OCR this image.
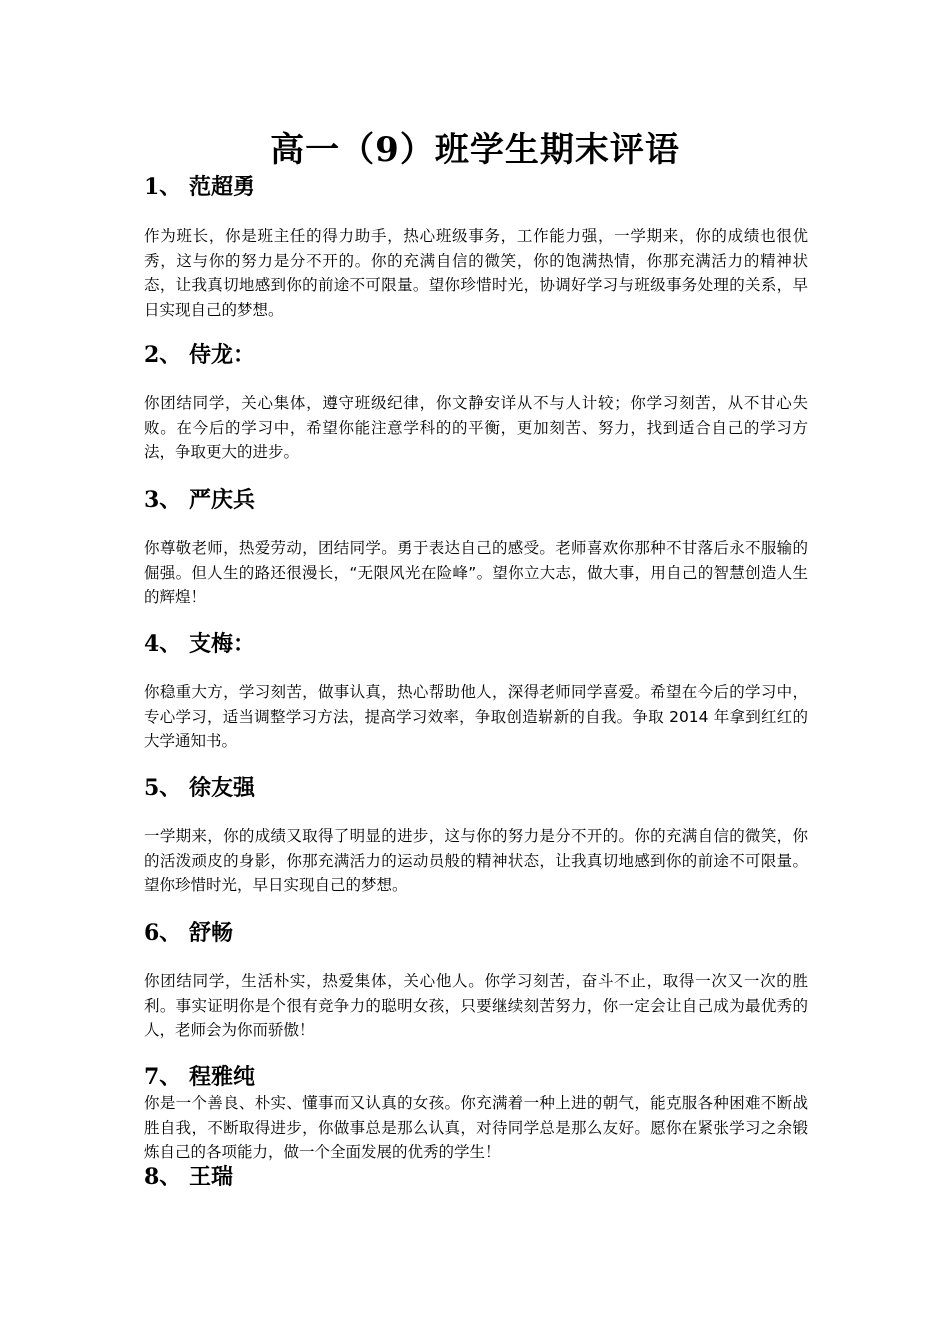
高一（9）班学生期末评语
1、 范超勇
作为班长，你是班主任的得力助手，热心班级事务，工作能力强，一学期来，你的成绩也很优秀，这与你的努力是分不开的。你的充满自信的微笑，你的饱满热情，你那充满活力的精神状态，让我真切地感到你的前途不可限量。望你珍惜时光，协调好学习与班级事务处理的关系，早日实现自己的梦想。
2、 侍龙：
你团结同学，关心集体，遵守班级纪律，你文静安详从不与人计较；你学习刻苦，从不甘心失败。在今后的学习中，希望你能注意学科的的平衡，更加刻苦、努力，找到适合自己的学习方法，争取更大的进步。
3、 严庆兵
你尊敬老师，热爱劳动，团结同学。勇于表达自己的感受。老师喜欢你那种不甘落后永不服输的倔强。但人生的路还很漫长，“无限风光在险峰”。望你立大志，做大事，用自己的智慧创造人生的辉煌！
4、 支梅：
你稳重大方，学习刻苦，做事认真，热心帮助他人，深得老师同学喜爱。希望在今后的学习中，专心学习，适当调整学习方法，提高学习效率，争取创造崭新的自我。争取 2014 年拿到红红的大学通知书。
5、 徐友强
一学期来，你的成绩又取得了明显的进步，这与你的努力是分不开的。你的充满自信的微笑，你的活泼顽皮的身影，你那充满活力的运动员般的精神状态，让我真切地感到你的前途不可限量。望你珍惜时光，早日实现自己的梦想。
6、 舒畅
你团结同学，生活朴实，热爱集体，关心他人。你学习刻苦，奋斗不止，取得一次又一次的胜利。事实证明你是个很有竞争力的聪明女孩，只要继续刻苦努力，你一定会让自己成为最优秀的人，老师会为你而骄傲！
7、 程雅纯
你是一个善良、朴实、懂事而又认真的女孩。你充满着一种上进的朝气，能克服各种困难不断战胜自我，不断取得进步，你做事总是那么认真，对待同学总是那么友好。愿你在紧张学习之余锻炼自己的各项能力，做一个全面发展的优秀的学生！
8、 王瑞
